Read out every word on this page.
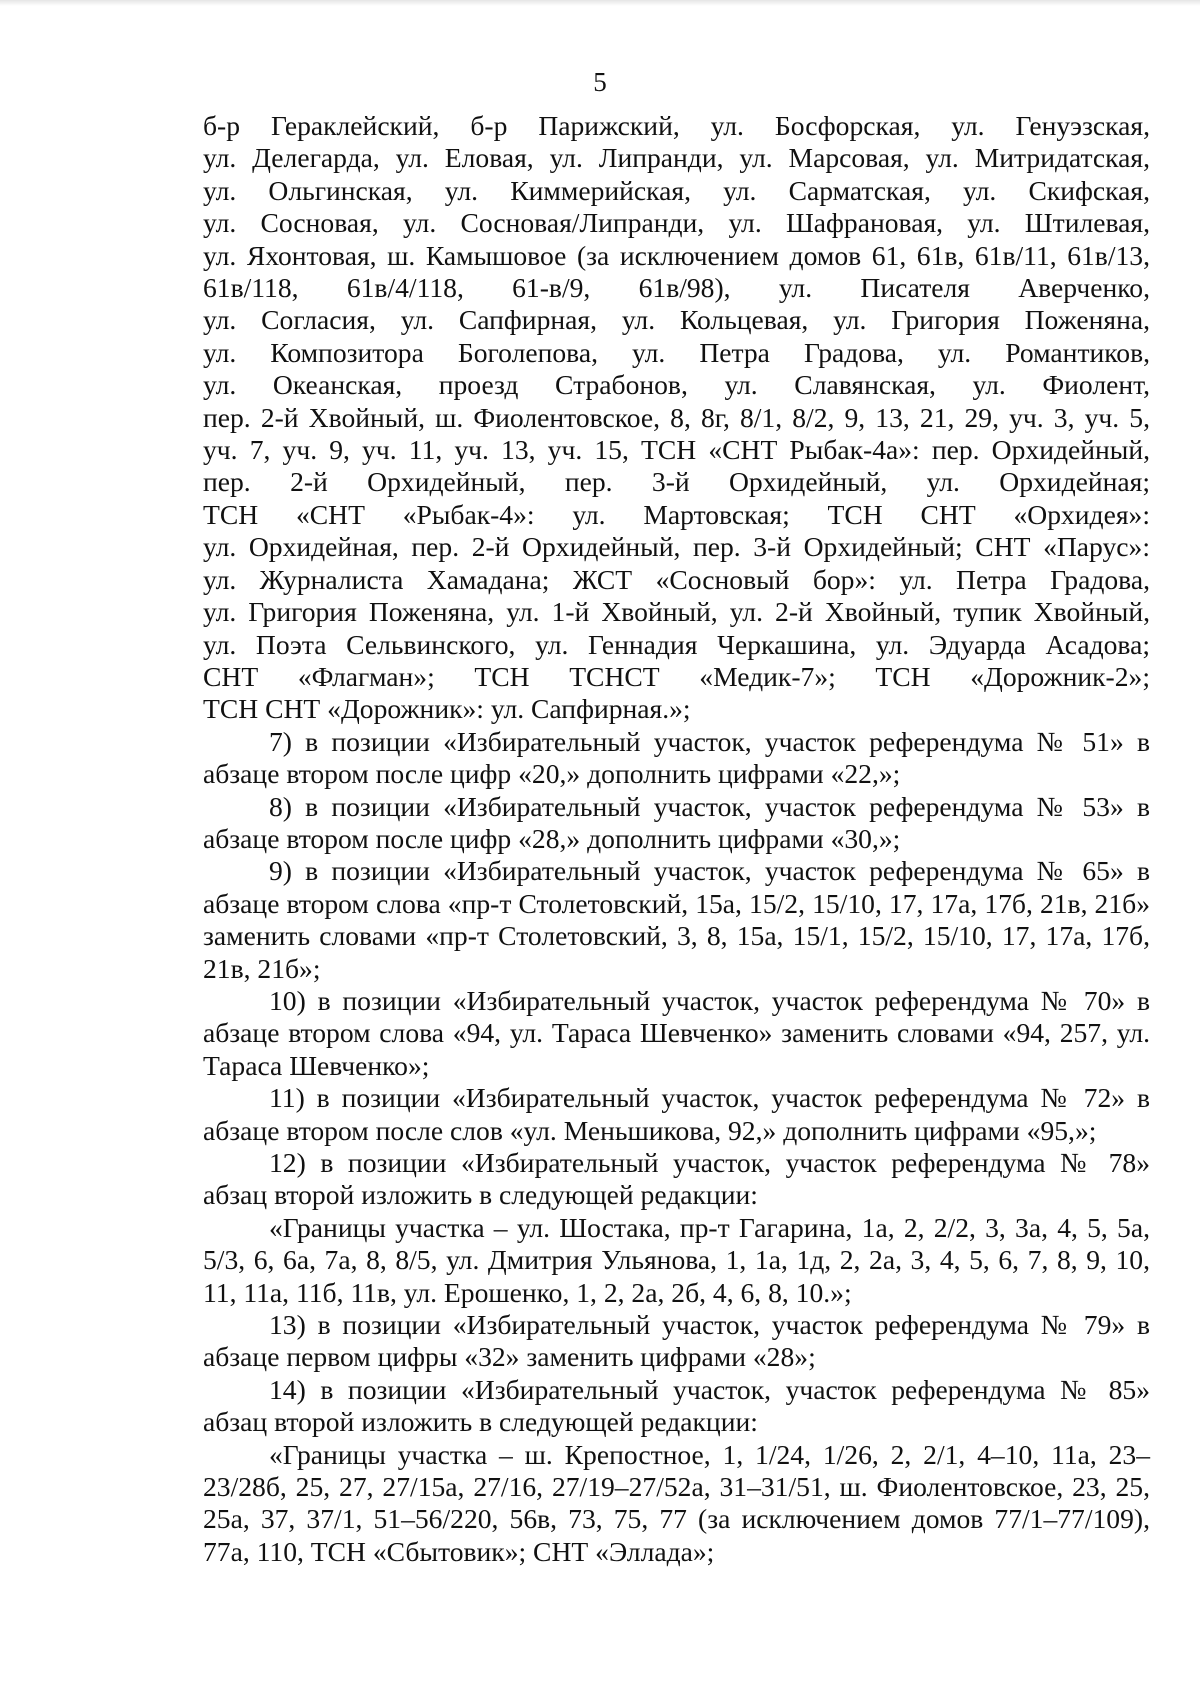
5

б-р Гераклейский, б-р Парижский, ул. Босфорская, ул. Генуэзская,
ул. Делегарда, ул. Еловая, ул. Липранди, ул. Марсовая, ул. Митридатская,
ул. Ольгинская, ул. Киммерийская, ул. Сарматская, ул. Скифская,
ул. Сосновая, ул. Сосновая/Липранди, ул. Шафрановая, ул. Штилевая,
ул. Яхонтовая, ш. Камышовое (за исключением домов 61, 61в, 61в/11, 61в/13,
61в/118, 61в/4/118, 61-в/9, 61в/98), ул. Писателя Аверченко,
ул. Согласия, ул. Сапфирная, ул. Кольцевая, ул. Григория Поженяна,
ул. Композитора Боголепова, ул. Петра Градова, ул. Романтиков,
ул. Океанская, проезд Страбонов, ул. Славянская, ул. Фиолент,
пер. 2-й Хвойный, ш. Фиолентовское, 8, 8г, 8/1, 8/2, 9, 13, 21, 29, уч. 3, уч. 5,
уч. 7, уч. 9, уч. 11, уч. 13, уч. 15, ТСН «СНТ Рыбак-4а»: пер. Орхидейный,
пер. 2-й Орхидейный, пер. 3-й Орхидейный, ул. Орхидейная;
ТСН «СНТ «Рыбак-4»: ул. Мартовская; ТСН СНТ «Орхидея»:
ул. Орхидейная, пер. 2-й Орхидейный, пер. 3-й Орхидейный; СНТ «Парус»:
ул. Журналиста Хамадана; ЖСТ «Сосновый бор»: ул. Петра Градова,
ул. Григория Поженяна, ул. 1-й Хвойный, ул. 2-й Хвойный, тупик Хвойный,
ул. Поэта Сельвинского, ул. Геннадия Черкашина, ул. Эдуарда Асадова;
СНТ «Флагман»; ТСН ТСНСТ «Медик-7»; ТСН «Дорожник-2»;
ТСН СНТ «Дорожник»: ул. Сапфирная.»;

7) в позиции «Избирательный участок, участок референдума № 51» в абзаце втором после цифр «20,» дополнить цифрами «22,»;

8) в позиции «Избирательный участок, участок референдума № 53» в абзаце втором после цифр «28,» дополнить цифрами «30,»;

9) в позиции «Избирательный участок, участок референдума № 65» в абзаце втором слова «пр-т Столетовский, 15а, 15/2, 15/10, 17, 17а, 17б, 21в, 21б» заменить словами «пр-т Столетовский, 3, 8, 15а, 15/1, 15/2, 15/10, 17, 17а, 17б, 21в, 21б»;

10) в позиции «Избирательный участок, участок референдума № 70» в абзаце втором слова «94, ул. Тараса Шевченко» заменить словами «94, 257, ул. Тараса Шевченко»;

11) в позиции «Избирательный участок, участок референдума № 72» в абзаце втором после слов «ул. Меньшикова, 92,» дополнить цифрами «95,»;

12) в позиции «Избирательный участок, участок референдума № 78» абзац второй изложить в следующей редакции:

«Границы участка – ул. Шостака, пр-т Гагарина, 1а, 2, 2/2, 3, 3а, 4, 5, 5а, 5/3, 6, 6а, 7а, 8, 8/5, ул. Дмитрия Ульянова, 1, 1а, 1д, 2, 2а, 3, 4, 5, 6, 7, 8, 9, 10, 11, 11а, 11б, 11в, ул. Ерошенко, 1, 2, 2а, 2б, 4, 6, 8, 10.»;

13) в позиции «Избирательный участок, участок референдума № 79» в абзаце первом цифры «32» заменить цифрами «28»;

14) в позиции «Избирательный участок, участок референдума № 85» абзац второй изложить в следующей редакции:

«Границы участка – ш. Крепостное, 1, 1/24, 1/26, 2, 2/1, 4–10, 11а, 23–23/28б, 25, 27, 27/15а, 27/16, 27/19–27/52а, 31–31/51, ш. Фиолентовское, 23, 25, 25а, 37, 37/1, 51–56/220, 56в, 73, 75, 77 (за исключением домов 77/1–77/109), 77а, 110, ТСН «Сбытовик»; СНТ «Эллада»;
